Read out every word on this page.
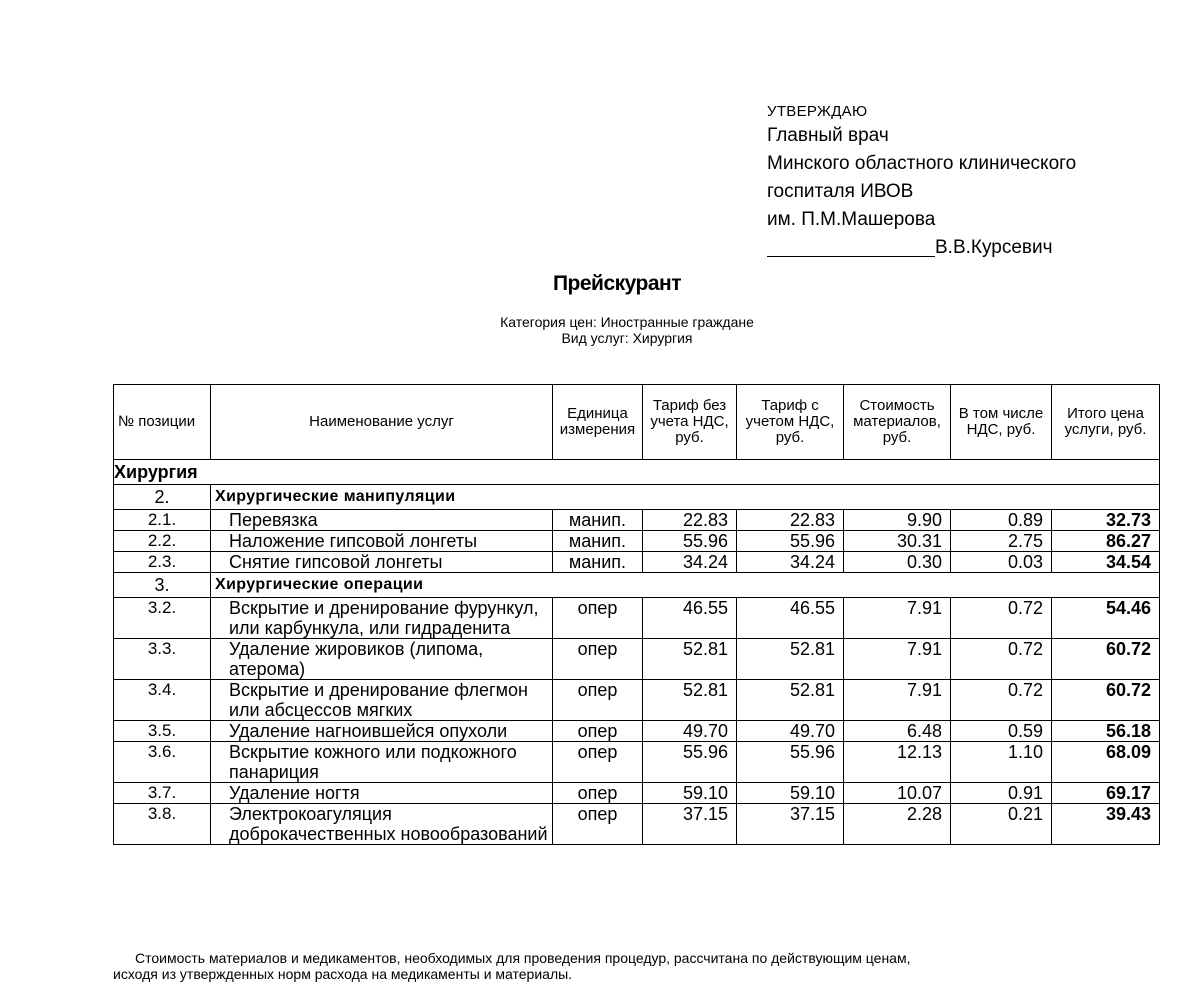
УТВЕРЖДАЮ
Главный врач
Минского областного клинического
госпиталя ИВОВ
им. П.М.Машерова
В.В.Курсевич
Прейскурант
Категория цен: Иностранные граждане
Вид услуг: Хирургия
№ позиции	Наименование услуг	Единица измерения	Тариф без учета НДС, руб.	Тариф с учетом НДС, руб.	Стоимость материалов, руб.	В том числе НДС, руб.	Итого цена услуги, руб.
Хирургия							
2.	Хирургические манипуляции						
2.1.	Перевязка	манип.	22.83	22.83	9.90	0.89	32.73
2.2.	Наложение гипсовой лонгеты	манип.	55.96	55.96	30.31	2.75	86.27
2.3.	Снятие гипсовой лонгеты	манип.	34.24	34.24	0.30	0.03	34.54
3.	Хирургические операции						
3.2.	Вскрытие и дренирование фурункул, или карбункула, или гидраденита	опер	46.55	46.55	7.91	0.72	54.46
3.3.	Удаление жировиков (липома, атерома)	опер	52.81	52.81	7.91	0.72	60.72
3.4.	Вскрытие и дренирование флегмон или абсцессов мягких	опер	52.81	52.81	7.91	0.72	60.72
3.5.	Удаление нагноившейся опухоли	опер	49.70	49.70	6.48	0.59	56.18
3.6.	Вскрытие кожного или подкожного панариция	опер	55.96	55.96	12.13	1.10	68.09
3.7.	Удаление ногтя	опер	59.10	59.10	10.07	0.91	69.17
3.8.	Электрокоагуляция доброкачественных новообразований	опер	37.15	37.15	2.28	0.21	39.43
Стоимость материалов и медикаментов, необходимых для проведения процедур, рассчитана по действующим ценам,
исходя из утвержденных норм расхода на медикаменты и материалы.
